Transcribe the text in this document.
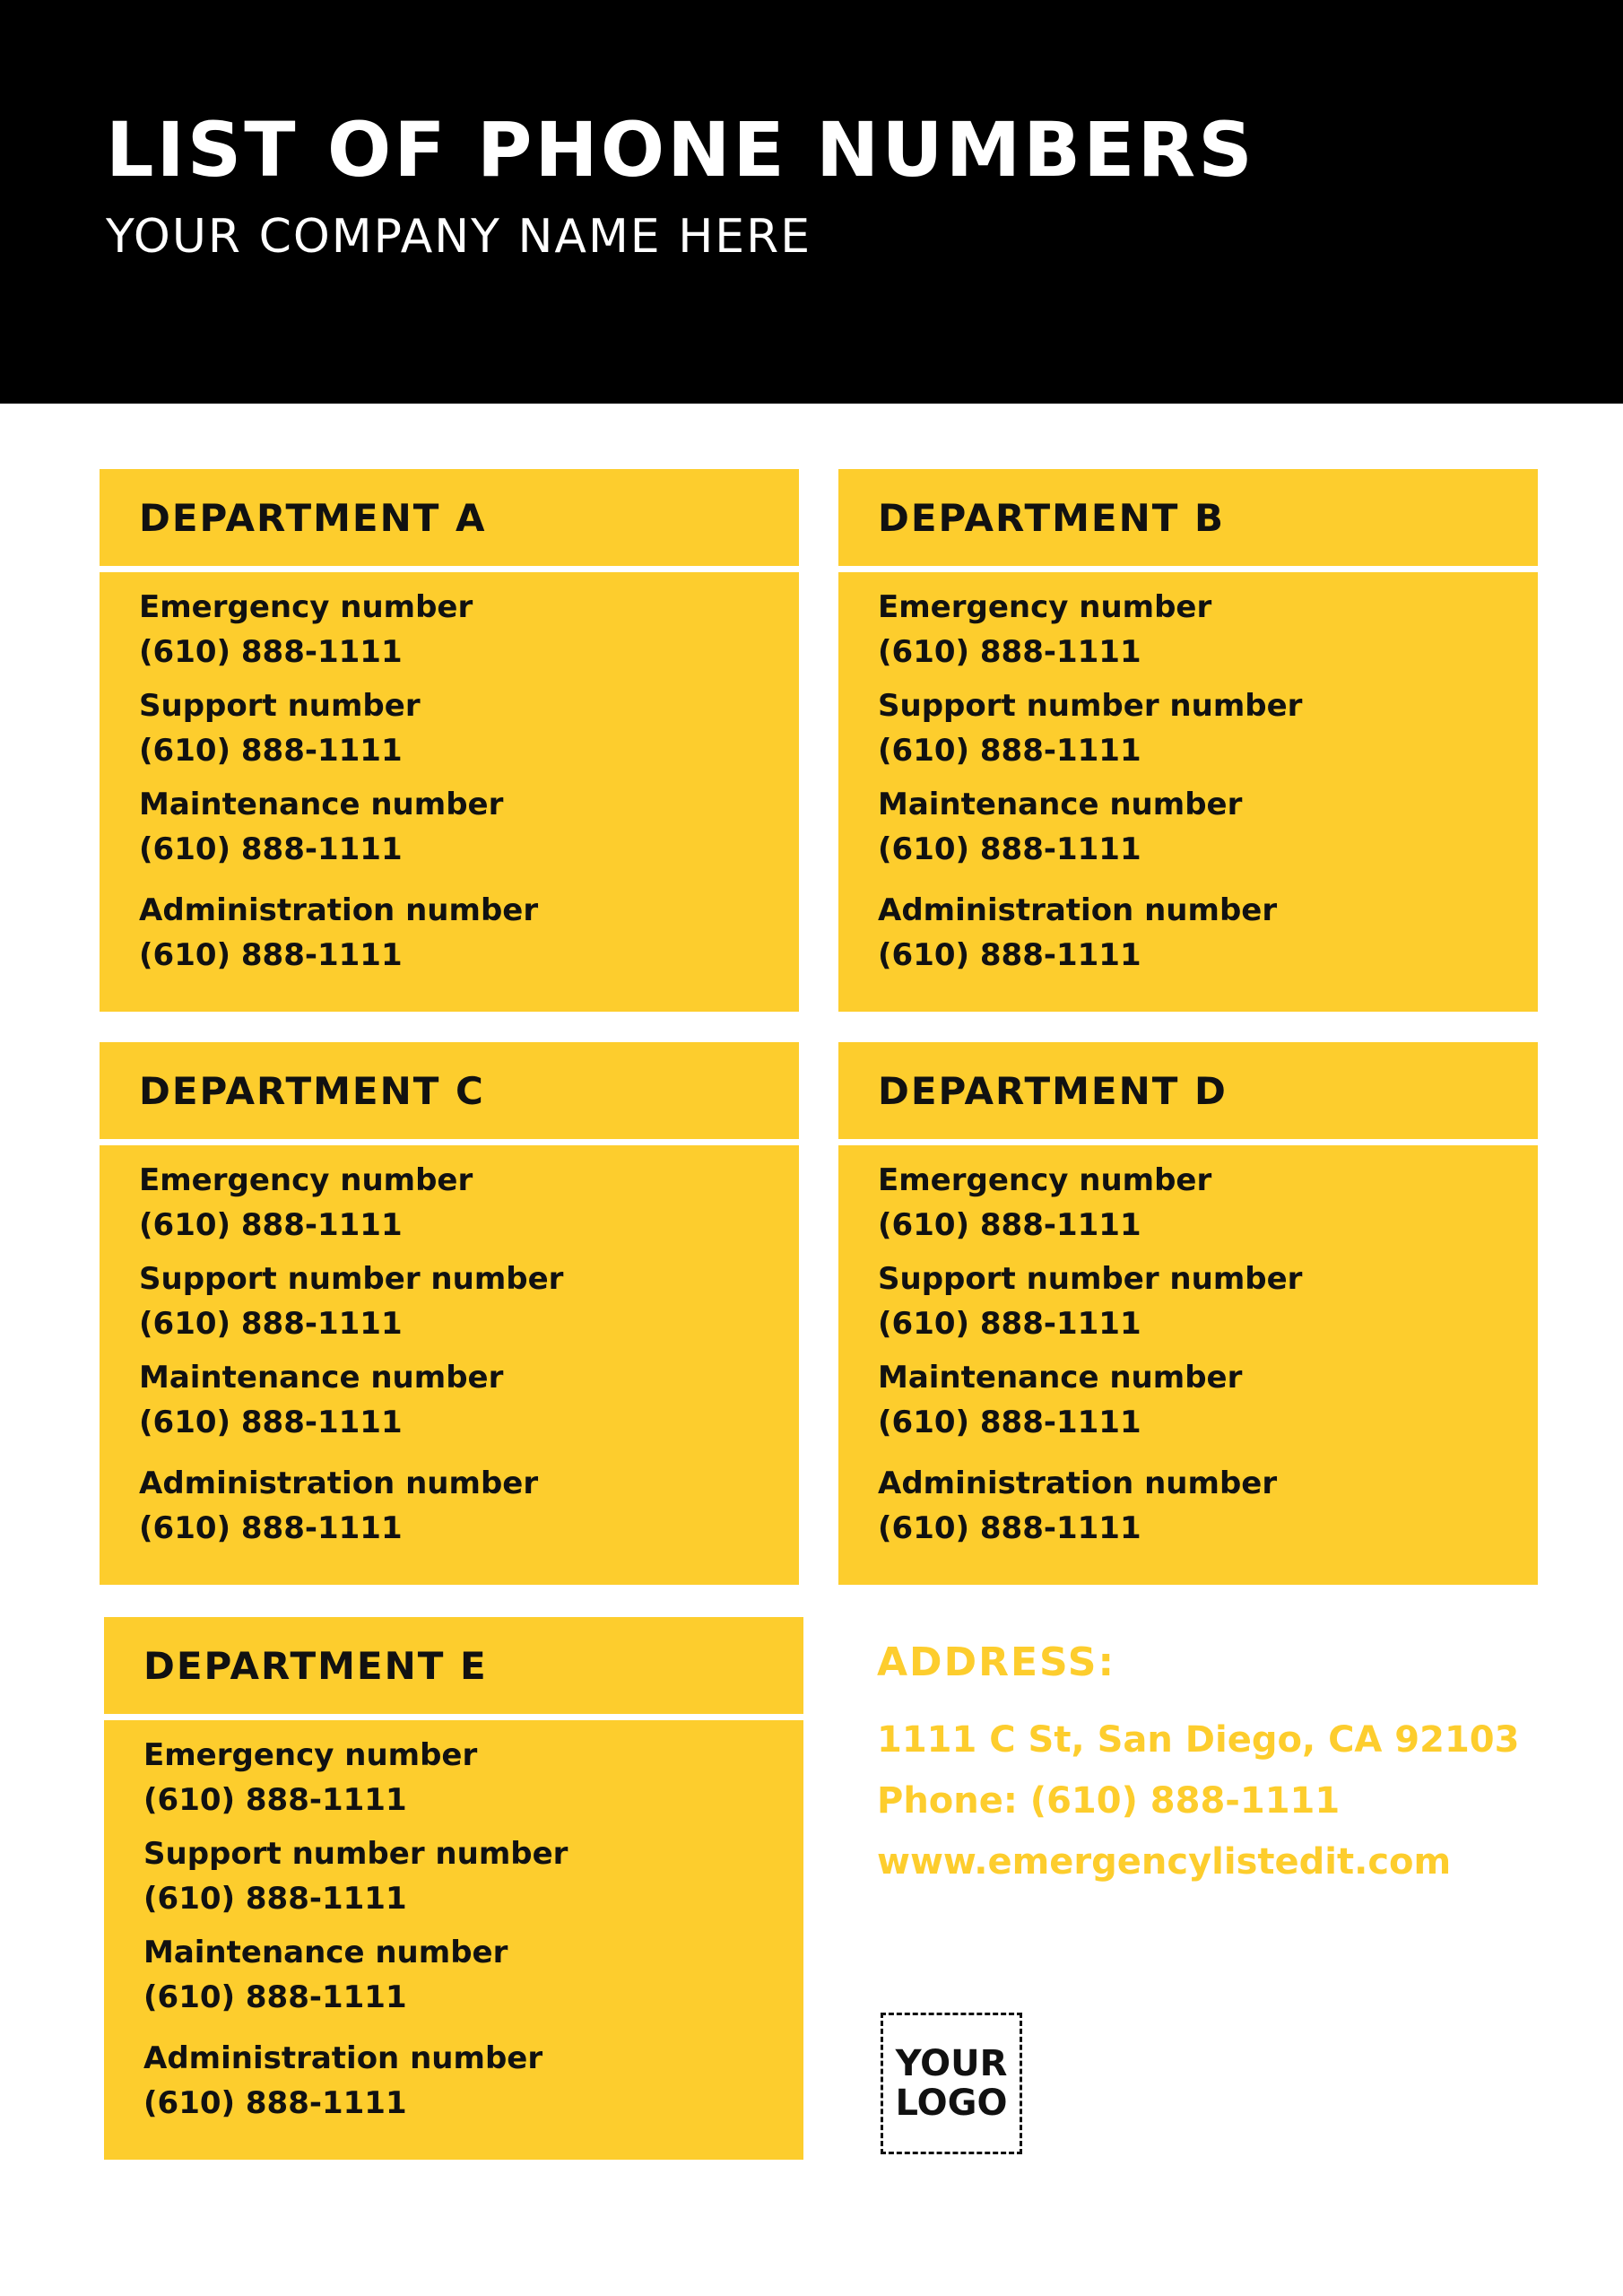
LIST OF PHONE NUMBERS
YOUR COMPANY NAME HERE
DEPARTMENT A
Emergency number
(610) 888-1111
Support number
(610) 888-1111
Maintenance number
(610) 888-1111
Administration number
(610) 888-1111
DEPARTMENT B
Emergency number
(610) 888-1111
Support number number
(610) 888-1111
Maintenance number
(610) 888-1111
Administration number
(610) 888-1111
DEPARTMENT C
Emergency number
(610) 888-1111
Support number number
(610) 888-1111
Maintenance number
(610) 888-1111
Administration number
(610) 888-1111
DEPARTMENT D
Emergency number
(610) 888-1111
Support number number
(610) 888-1111
Maintenance number
(610) 888-1111
Administration number
(610) 888-1111
DEPARTMENT E
Emergency number
(610) 888-1111
Support number number
(610) 888-1111
Maintenance number
(610) 888-1111
Administration number
(610) 888-1111
ADDRESS:
1111 C St, San Diego, CA 92103
Phone: (610) 888-1111
www.emergencylistedit.com
YOUR
LOGO
